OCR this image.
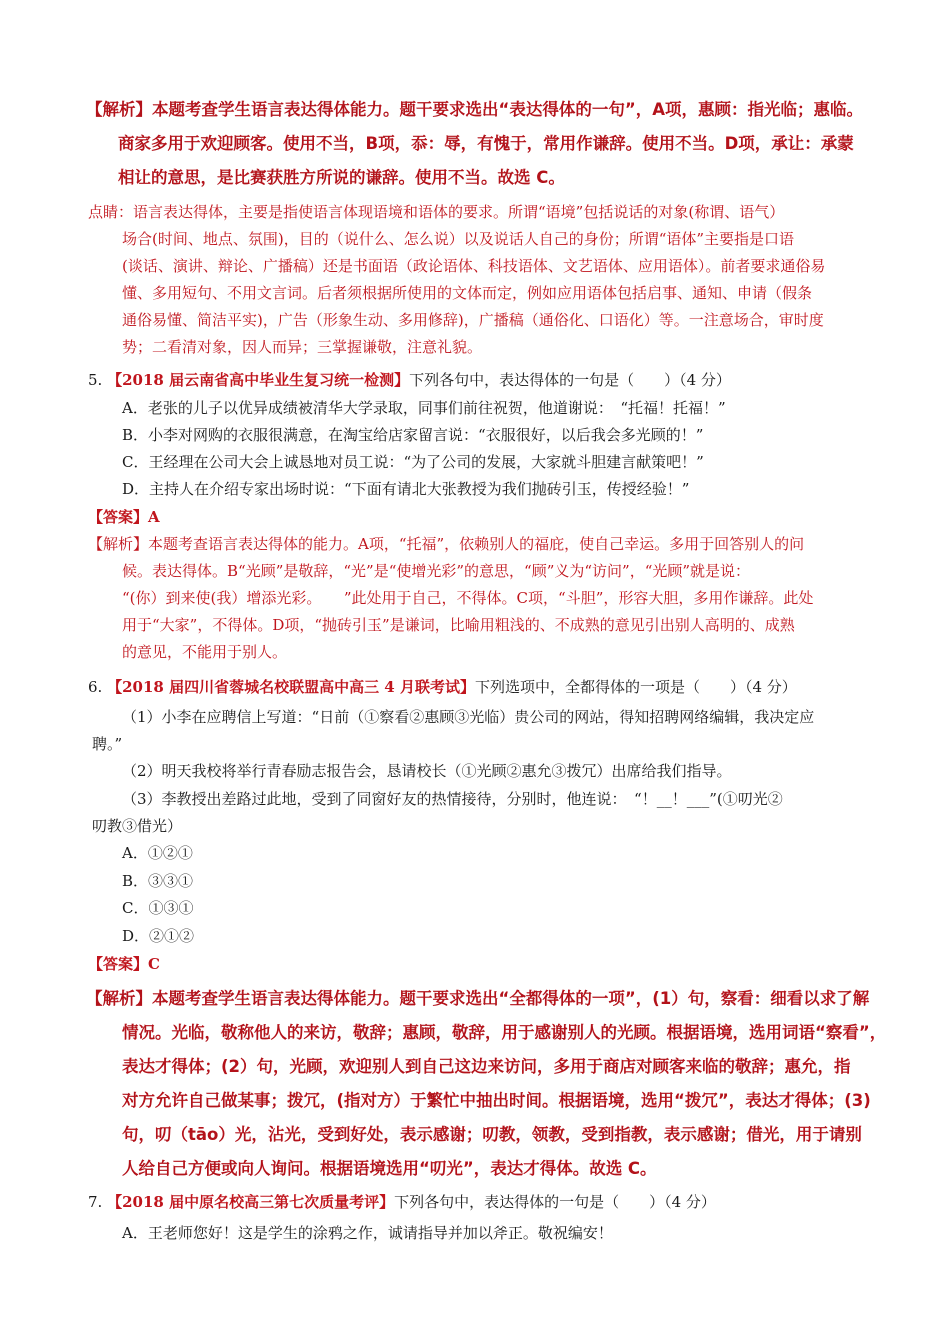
【解析】本题考查学生语言表达得体能力。题干要求选出“表达得体的一句”，A项，惠顾：指光临；惠临。
商家多用于欢迎顾客。使用不当，B项，忝：辱，有愧于，常用作谦辞。使用不当。D项，承让：承蒙
相让的意思，是比赛获胜方所说的谦辞。使用不当。故选 C。
点睛：语言表达得体，主要是指使语言体现语境和语体的要求。所谓“语境”包括说话的对象(称谓、语气）
场合(时间、地点、氛围)，目的（说什么、怎么说）以及说话人自己的身份；所谓“语体”主要指是口语
(谈话、演讲、辩论、广播稿）还是书面语（政论语体、科技语体、文艺语体、应用语体）。前者要求通俗易
懂、多用短句、不用文言词。后者须根据所使用的文体而定，例如应用语体包括启事、通知、申请（假条
通俗易懂、简洁平实)，广告（形象生动、多用修辞)，广播稿（通俗化、口语化）等。一注意场合，审时度
势；二看清对象，因人而异；三掌握谦敬，注意礼貌。
5. 【2018 届云南省高中毕业生复习统一检测】下列各句中，表达得体的一句是（　　）（4 分）
A．老张的儿子以优异成绩被清华大学录取，同事们前往祝贺，他道谢说：　“托福！托福！”
B．小李对网购的衣服很满意，在淘宝给店家留言说：“衣服很好，以后我会多光顾的！”
C．王经理在公司大会上诚恳地对员工说：“为了公司的发展，大家就斗胆建言献策吧！”
D．主持人在介绍专家出场时说：“下面有请北大张教授为我们抛砖引玉，传授经验！”
【答案】A
【解析】本题考查语言表达得体的能力。A项，“托福”，依赖别人的福庇，使自己幸运。多用于回答别人的问
候。表达得体。B“光顾”是敬辞，“光”是“使增光彩”的意思，“顾”义为“访问”，“光顾”就是说：
“(你）到来使(我）增添光彩。　　”此处用于自己，不得体。C项，“斗胆”，形容大胆，多用作谦辞。此处
用于“大家”，不得体。D项，“抛砖引玉”是谦词，比喻用粗浅的、不成熟的意见引出别人高明的、成熟
的意见，不能用于别人。
6. 【2018 届四川省蓉城名校联盟高中高三 4 月联考试】下列选项中，全都得体的一项是（　　）（4 分）
（1）小李在应聘信上写道：“日前（①察看②惠顾③光临）贵公司的网站，得知招聘网络编辑，我决定应
聘。”
（2）明天我校将举行青春励志报告会，恳请校长（①光顾②惠允③拨冗）出席给我们指导。
（3）李教授出差路过此地，受到了同窗好友的热情接待，分别时，他连说：　“！__！___”(①叨光②
叨教③借光）
A．①②①
B．③③①
C．①③①
D．②①②
【答案】C
【解析】本题考查学生语言表达得体能力。题干要求选出“全都得体的一项”，(1）句，察看：细看以求了解
情况。光临，敬称他人的来访，敬辞；惠顾，敬辞，用于感谢别人的光顾。根据语境，选用词语“察看”，
表达才得体；(2）句，光顾，欢迎别人到自己这边来访问，多用于商店对顾客来临的敬辞；惠允，指
对方允许自己做某事；拨冗，(指对方）于繁忙中抽出时间。根据语境，选用“拨冗”，表达才得体；(3)
句，叨（tāo）光，沾光，受到好处，表示感谢；叨教，领教，受到指教，表示感谢；借光，用于请别
人给自己方便或向人询问。根据语境选用“叨光”，表达才得体。故选 C。
7. 【2018 届中原名校高三第七次质量考评】下列各句中，表达得体的一句是（　　）（4 分）
A．王老师您好！这是学生的涂鸦之作，诚请指导并加以斧正。敬祝编安！
